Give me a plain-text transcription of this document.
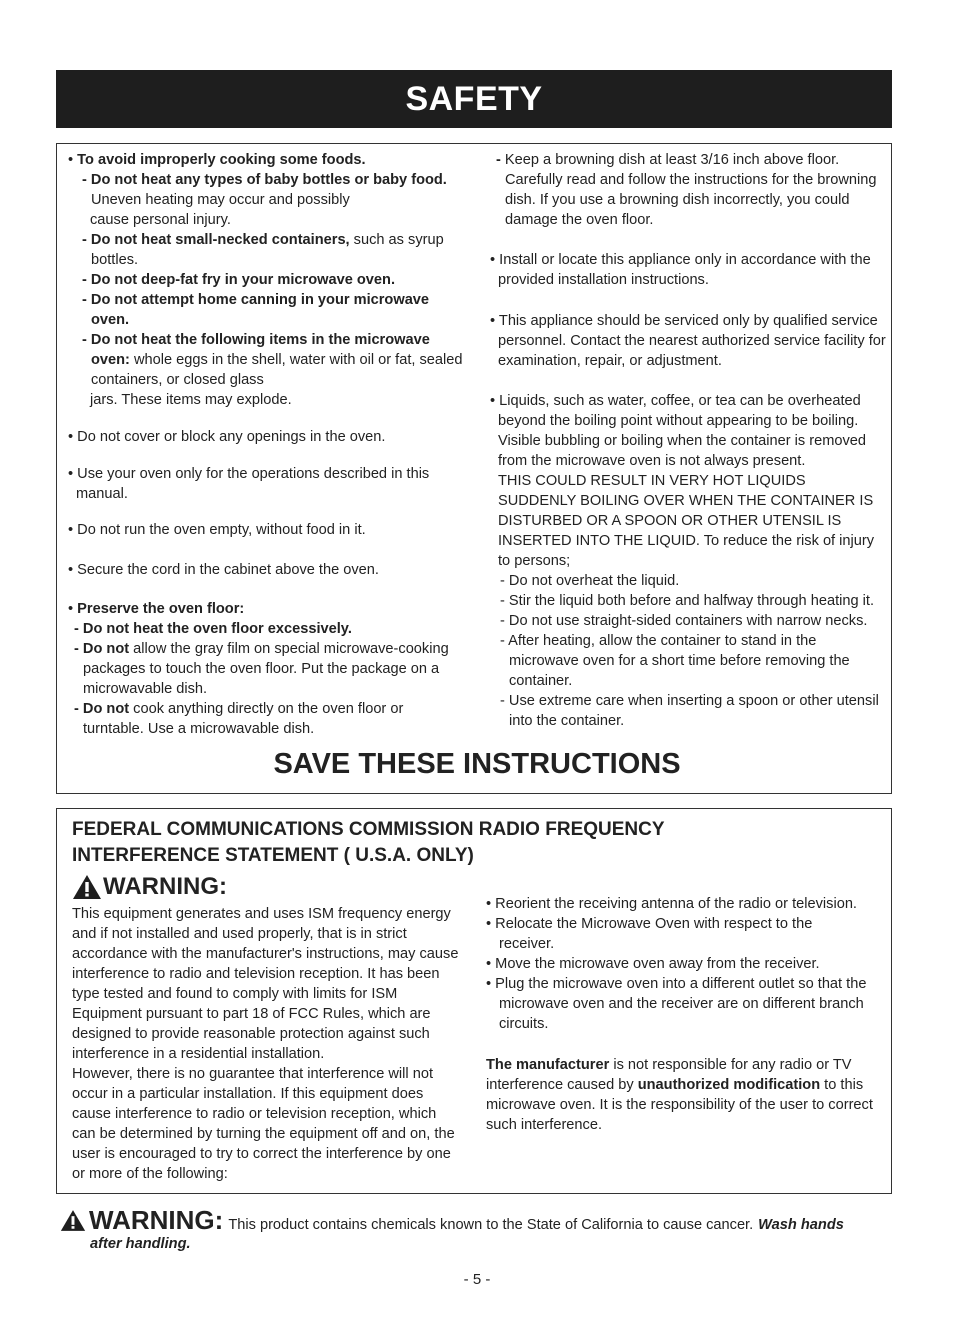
SAFETY
• To avoid improperly cooking some foods.
- Do not heat any types of baby bottles or baby food.
Uneven heating may occur and possibly
cause personal injury.
- Do not heat small-necked containers, such as syrup
bottles.
- Do not deep-fat fry in your microwave oven.
- Do not attempt home canning in your microwave
oven.
- Do not heat the following items in the microwave
oven: whole eggs in the shell, water with oil or fat, sealed
containers, or closed glass
jars. These items may explode.
• Do not cover or block any openings in the oven.
• Use your oven only for the operations described in this
manual.
• Do not run the oven empty, without food in it.
• Secure the cord in the cabinet above the oven.
• Preserve the oven floor:
- Do not heat the oven floor excessively.
- Do not allow the gray film on special microwave-cooking
packages to touch the oven floor. Put the package on a
microwavable dish.
- Do not cook anything directly on the oven floor or
turntable. Use a microwavable dish.
- Keep a browning dish at least 3/16 inch above floor.
Carefully read and follow the instructions for the browning
dish. If you use a browning dish incorrectly, you could
damage the oven floor.
• Install or locate this appliance only in accordance with the
provided installation instructions.
• This appliance should be serviced only by qualified service
personnel. Contact the nearest authorized service facility for
examination, repair, or adjustment.
• Liquids, such as water, coffee, or tea can be overheated
beyond the boiling point without appearing to be boiling.
Visible bubbling or boiling when the container is removed
from the microwave oven is not always present.
THIS COULD RESULT IN VERY HOT LIQUIDS
SUDDENLY BOILING OVER WHEN THE CONTAINER IS
DISTURBED OR A SPOON OR OTHER UTENSIL IS
INSERTED INTO THE LIQUID. To reduce the risk of injury
to persons;
- Do not overheat the liquid.
- Stir the liquid both before and halfway through heating it.
- Do not use straight-sided containers with narrow necks.
- After heating, allow the container to stand in the
microwave oven for a short time before removing the
container.
- Use extreme care when inserting a spoon or other utensil
into the container.
SAVE THESE INSTRUCTIONS
FEDERAL COMMUNICATIONS COMMISSION RADIO FREQUENCY
INTERFERENCE STATEMENT ( U.S.A. ONLY)
WARNING:
This equipment generates and uses ISM frequency energy
and if not installed and used properly, that is in strict
accordance with the manufacturer's instructions, may cause
interference to radio and television reception. It has been
type tested and found to comply with limits for ISM
Equipment pursuant to part 18 of FCC Rules, which are
designed to provide reasonable protection against such
interference in a residential installation.
However, there is no guarantee that interference will not
occur in a particular installation. If this equipment does
cause interference to radio or television reception, which
can be determined by turning the equipment off and on, the
user is encouraged to try to correct the interference by one
or more of the following:
• Reorient the receiving antenna of the radio or television.
• Relocate the Microwave Oven with respect to the
receiver.
• Move the microwave oven away from the receiver.
• Plug the microwave oven into a different outlet so that the
microwave oven and the receiver are on different branch
circuits.
The manufacturer is not responsible for any radio or TV
interference caused by unauthorized modification to this
microwave oven. It is the responsibility of the user to correct
such interference.
WARNING: This product contains chemicals known to the State of California to cause cancer. Wash hands
after handling.
- 5 -
